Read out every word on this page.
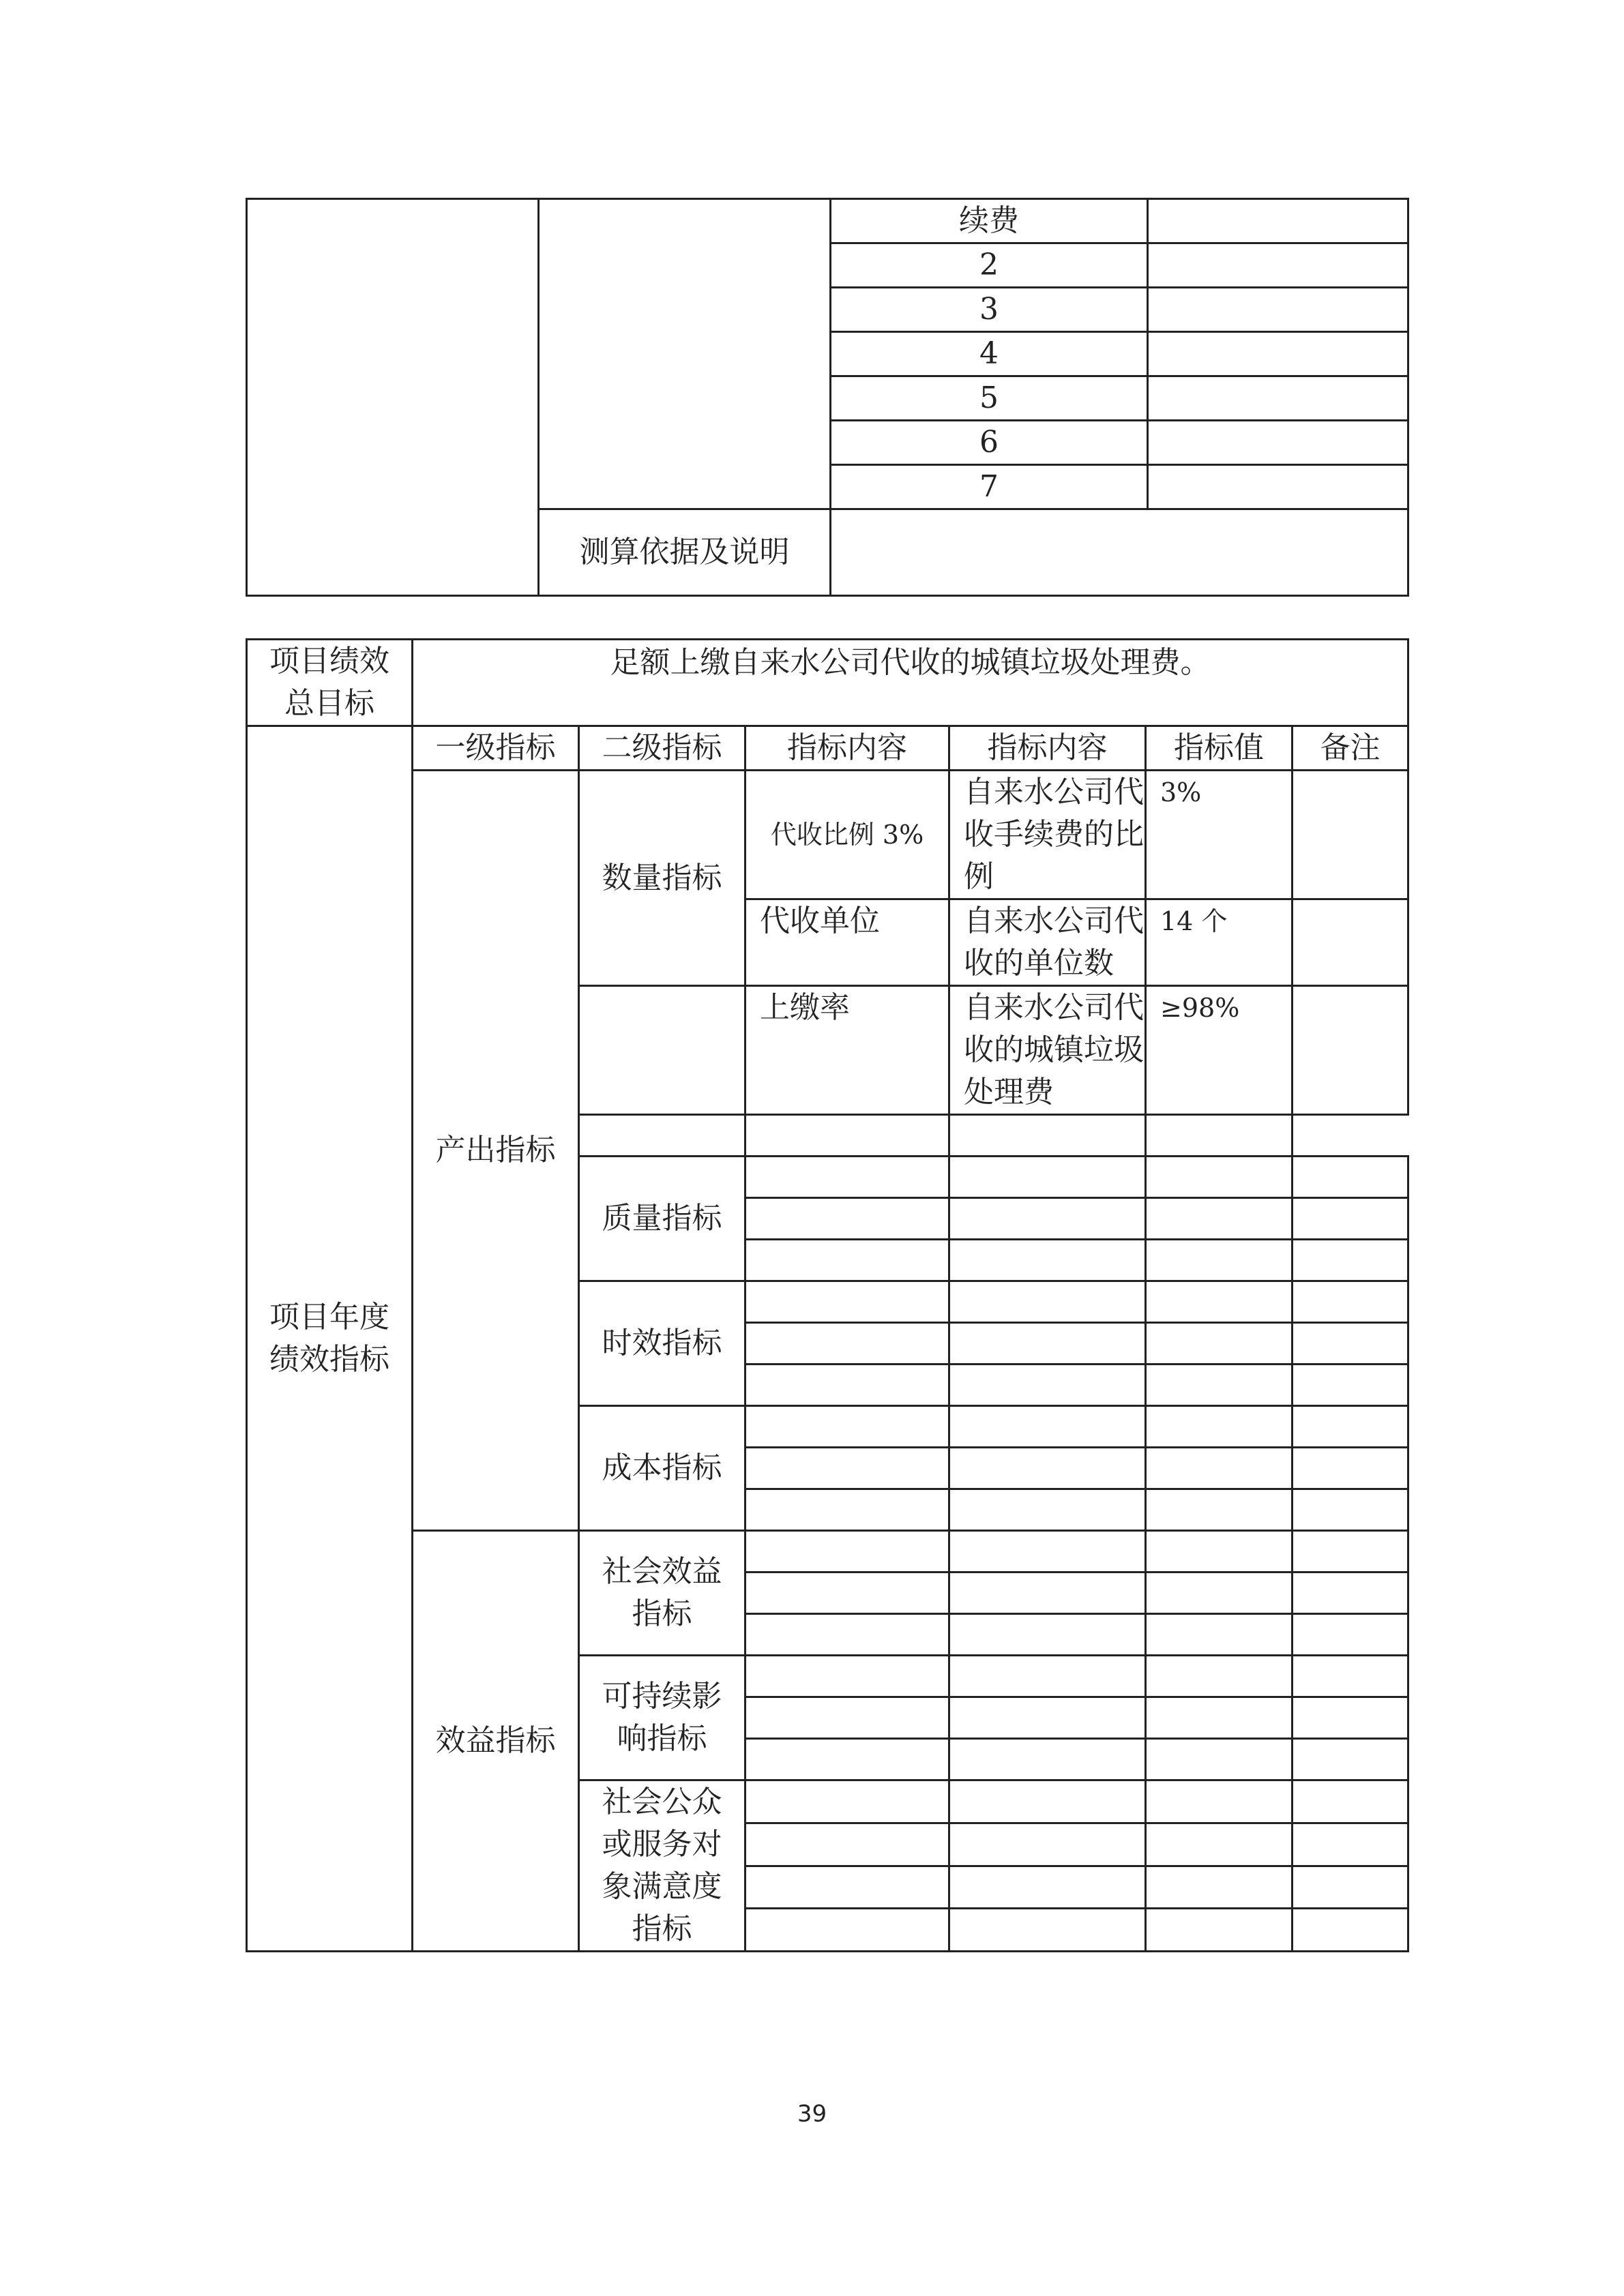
		续费	
		2	
		3	
		4	
		5	
		6	
		7	
	测算依据及说明		
项目绩效总目标	足额上缴自来水公司代收的城镇垃圾处理费。					
项目年度绩效指标	一级指标	二级指标	指标内容	指标内容	指标值	备注
	产出指标	数量指标	代收比例 3%	自来水公司代收手续费的比例	3%	

			代收单位	自来水公司代收的单位数	14 个	

			上缴率	自来水公司代收的城镇垃圾处理费	≥98%	

		质量指标				

		时效指标				

		成本指标				

	效益指标	社会效益指标				

		可持续影响指标				

		社会公众或服务对象满意度指标				

39
